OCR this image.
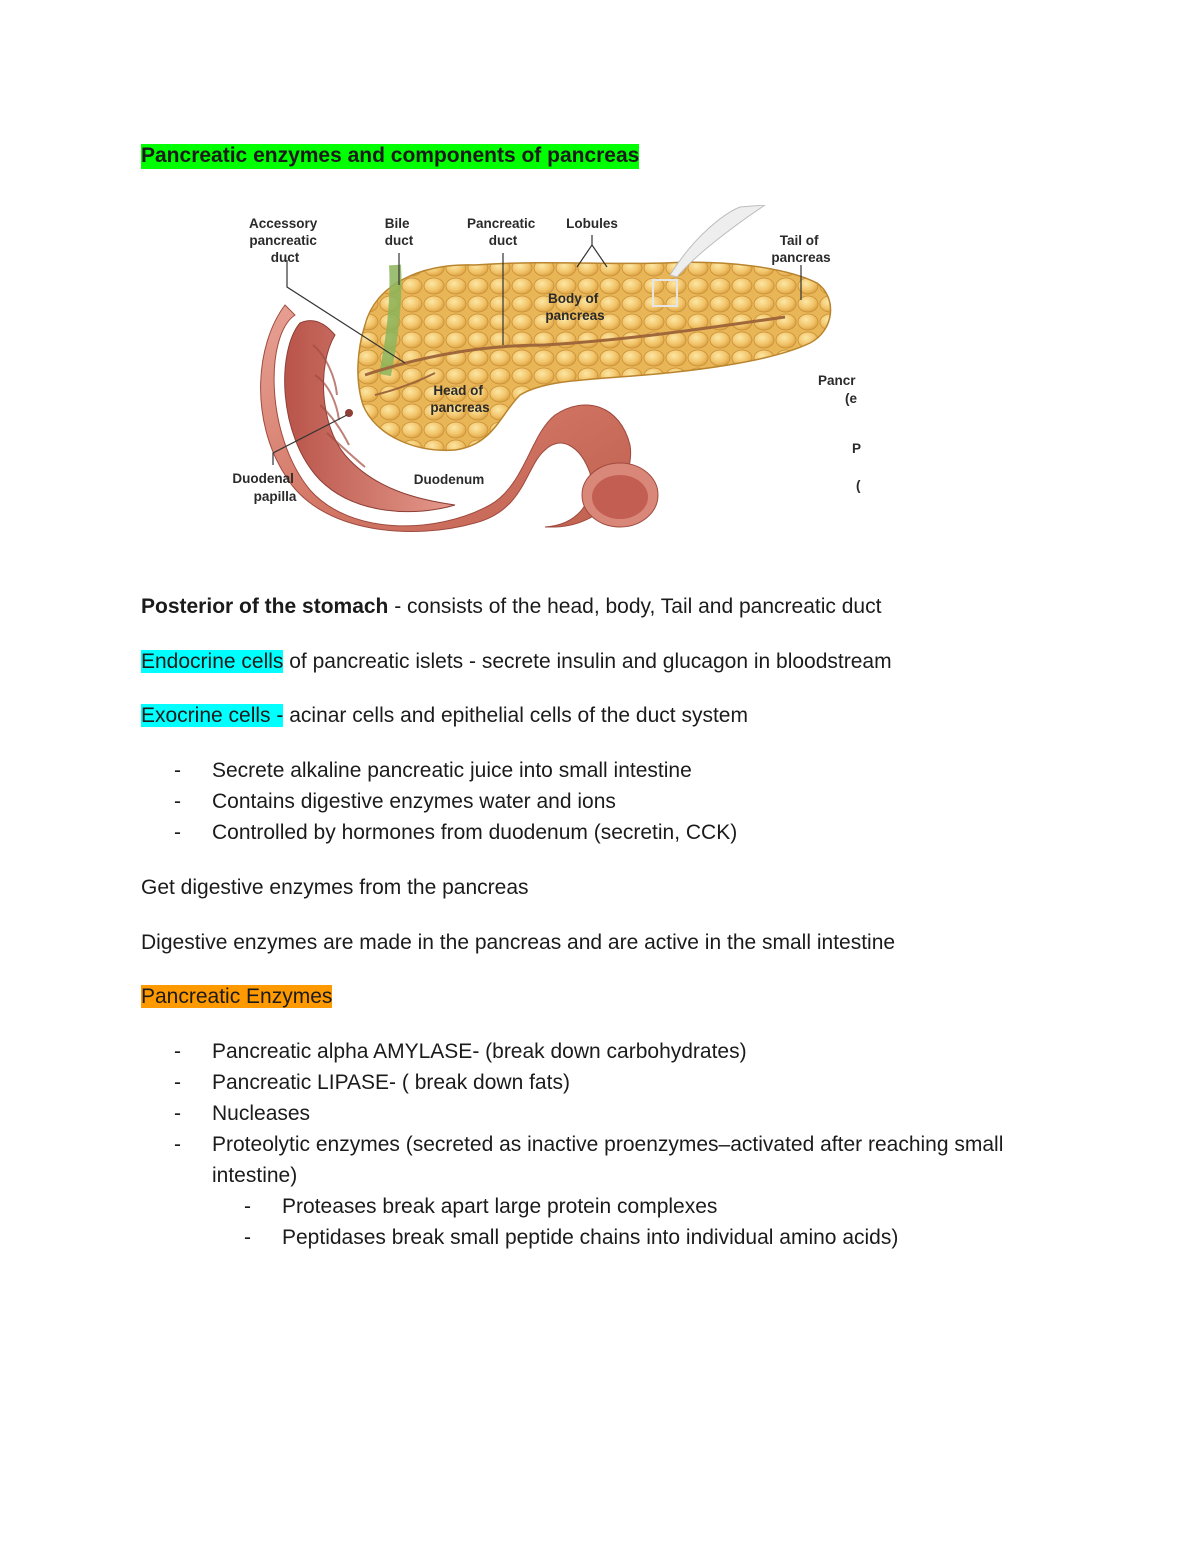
Pancreatic enzymes and components of pancreas
Accessory pancreatic duct
Bile duct
Pancreatic duct
Lobules
Tail of pancreas
Body of pancreas
Head of pancreas
Duodenal papilla
Duodenum
Pancr
(e
P
(
Posterior of the stomach - consists of the head, body, Tail and pancreatic duct
Endocrine cells of pancreatic islets - secrete insulin and glucagon in bloodstream
Exocrine cells - acinar cells and epithelial cells of the duct system
- Secrete alkaline pancreatic juice into small intestine
- Contains digestive enzymes water and ions
- Controlled by hormones from duodenum (secretin, CCK)
Get digestive enzymes from the pancreas
Digestive enzymes are made in the pancreas and are active in the small intestine
Pancreatic Enzymes
- Pancreatic alpha AMYLASE- (break down carbohydrates)
- Pancreatic LIPASE- ( break down fats)
- Nucleases
- Proteolytic enzymes (secreted as inactive proenzymes–activated after reaching small intestine)
- Proteases break apart large protein complexes
- Peptidases break small peptide chains into individual amino acids)
